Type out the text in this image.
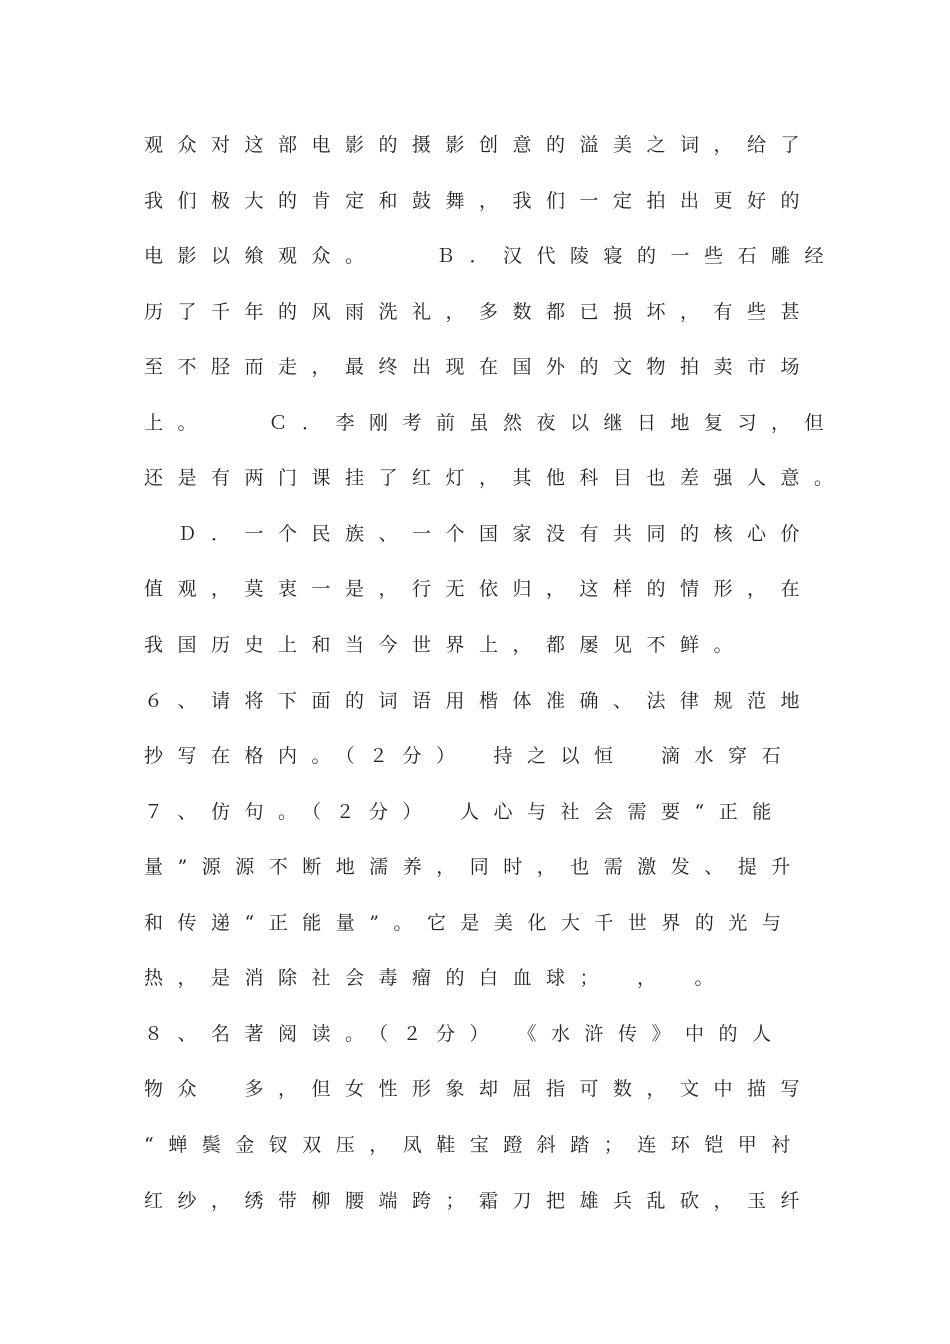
观众对这部电影的摄影创意的溢美之词，给了
我们极大的肯定和鼓舞，我们一定拍出更好的
电影以飨观众。　　Ｂ．汉代陵寝的一些石雕经
历了千年的风雨洗礼，多数都已损坏，有些甚
至不胫而走，最终出现在国外的文物拍卖市场
上。　　Ｃ．李刚考前虽然夜以继日地复习，但
还是有两门课挂了红灯，其他科目也差强人意。
　Ｄ．一个民族、一个国家没有共同的核心价
值观，莫衷一是，行无依归，这样的情形，在
我国历史上和当今世界上，都屡见不鲜。
６、请将下面的词语用楷体准确、法律规范地
抄写在格内。（２分）　持之以恒　滴水穿石
７、仿句。（２分）　人心与社会需要“正能
量”源源不断地濡养，同时，也需激发、提升
和传递“正能量”。它是美化大千世界的光与
热，是消除社会毒瘤的白血球；　，　。
８、名著阅读。（２分）　《水浒传》中的人
物众　多，但女性形象却屈指可数，文中描写
“蝉鬓金钗双压，凤鞋宝蹬斜踏；连环铠甲衬
红纱，绣带柳腰端跨；霜刀把雄兵乱砍，玉纤
